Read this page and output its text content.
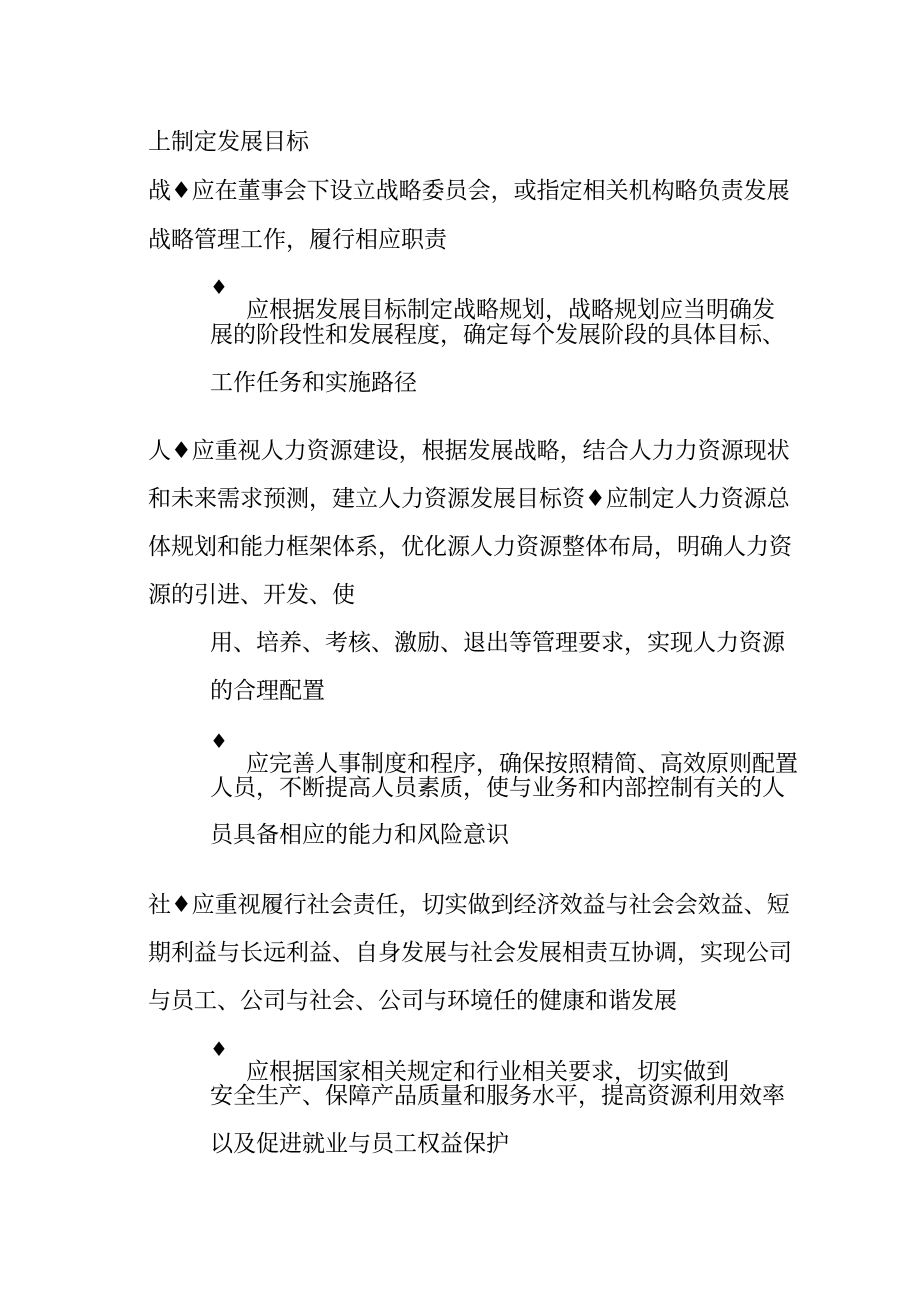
上制定发展目标

战♦应在董事会下设立战略委员会，或指定相关机构略负责发展

战略管理工作，履行相应职责

♦

应根据发展目标制定战略规划，战略规划应当明确发

展的阶段性和发展程度，确定每个发展阶段的具体目标、

工作任务和实施路径

人♦应重视人力资源建设，根据发展战略，结合人力力资源现状

和未来需求预测，建立人力资源发展目标资♦应制定人力资源总

体规划和能力框架体系，优化源人力资源整体布局，明确人力资

源的引进、开发、使

用、培养、考核、激励、退出等管理要求，实现人力资源

的合理配置

♦

应完善人事制度和程序，确保按照精简、高效原则配置

人员，不断提高人员素质，使与业务和内部控制有关的人

员具备相应的能力和风险意识

社♦应重视履行社会责任，切实做到经济效益与社会会效益、短

期利益与长远利益、自身发展与社会发展相责互协调，实现公司

与员工、公司与社会、公司与环境任的健康和谐发展

♦

应根据国家相关规定和行业相关要求，切实做到

安全生产、保障产品质量和服务水平，提高资源利用效率

以及促进就业与员工权益保护
